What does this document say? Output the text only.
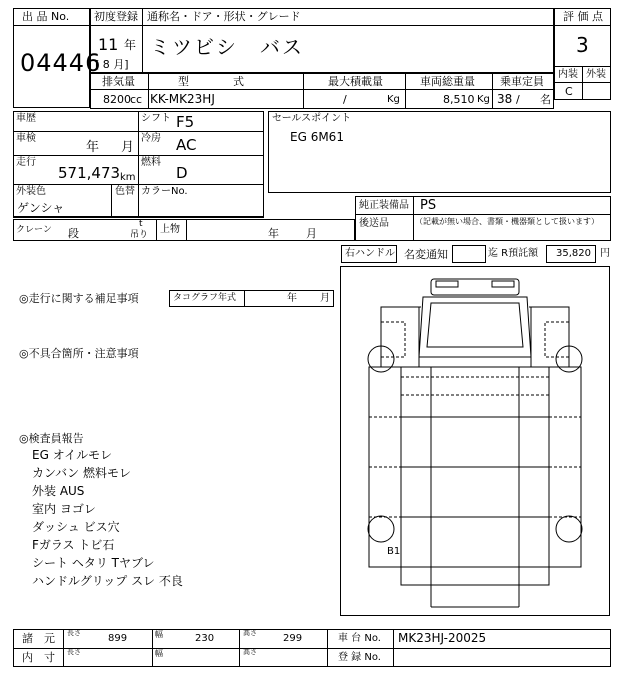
出 品 No.
04446
初度登録 通称名・ドア・形状・グレード
11 年
[ 8 月]
ミツビシ　バス
評 価 点
3
内装 外装
C
排気量	型　　　　式	最大積載量	車両総重量 乗車定員
8200 cc KK-MK23HJ	/	Kg	8,510 Kg 38 / 名
車歴	シフト F5
車検
年 月
冷房 AC
走行
571,473 km
燃料
D
外装色
ゲンシャ
色替 カラーNo.
クレーン 段
t
吊り 上物	年 月
セールスポイント
EG 6M61
純正装備品 PS
後送品	（記載が無い場合、書類・機器類として扱います）
右ハンドル 名変通知	迄 R預託額 35,820 円
◎走行に関する補足事項	タコグラフ年式	年 月
◎不具合箇所・注意事項
◎検査員報告
EG オイルモレ
カンバン 燃料モレ
外装 AUS
室内 ヨゴレ
ダッシュ ビス穴
Fガラス トビ石
シート ヘタリ Tヤブレ
ハンドルグリップ スレ 不良
B1
諸　元 長さ	899	幅	230	高さ	299	車 台 No. MK23HJ-20025
内　寸 長さ	幅	高さ	登 録 No.
